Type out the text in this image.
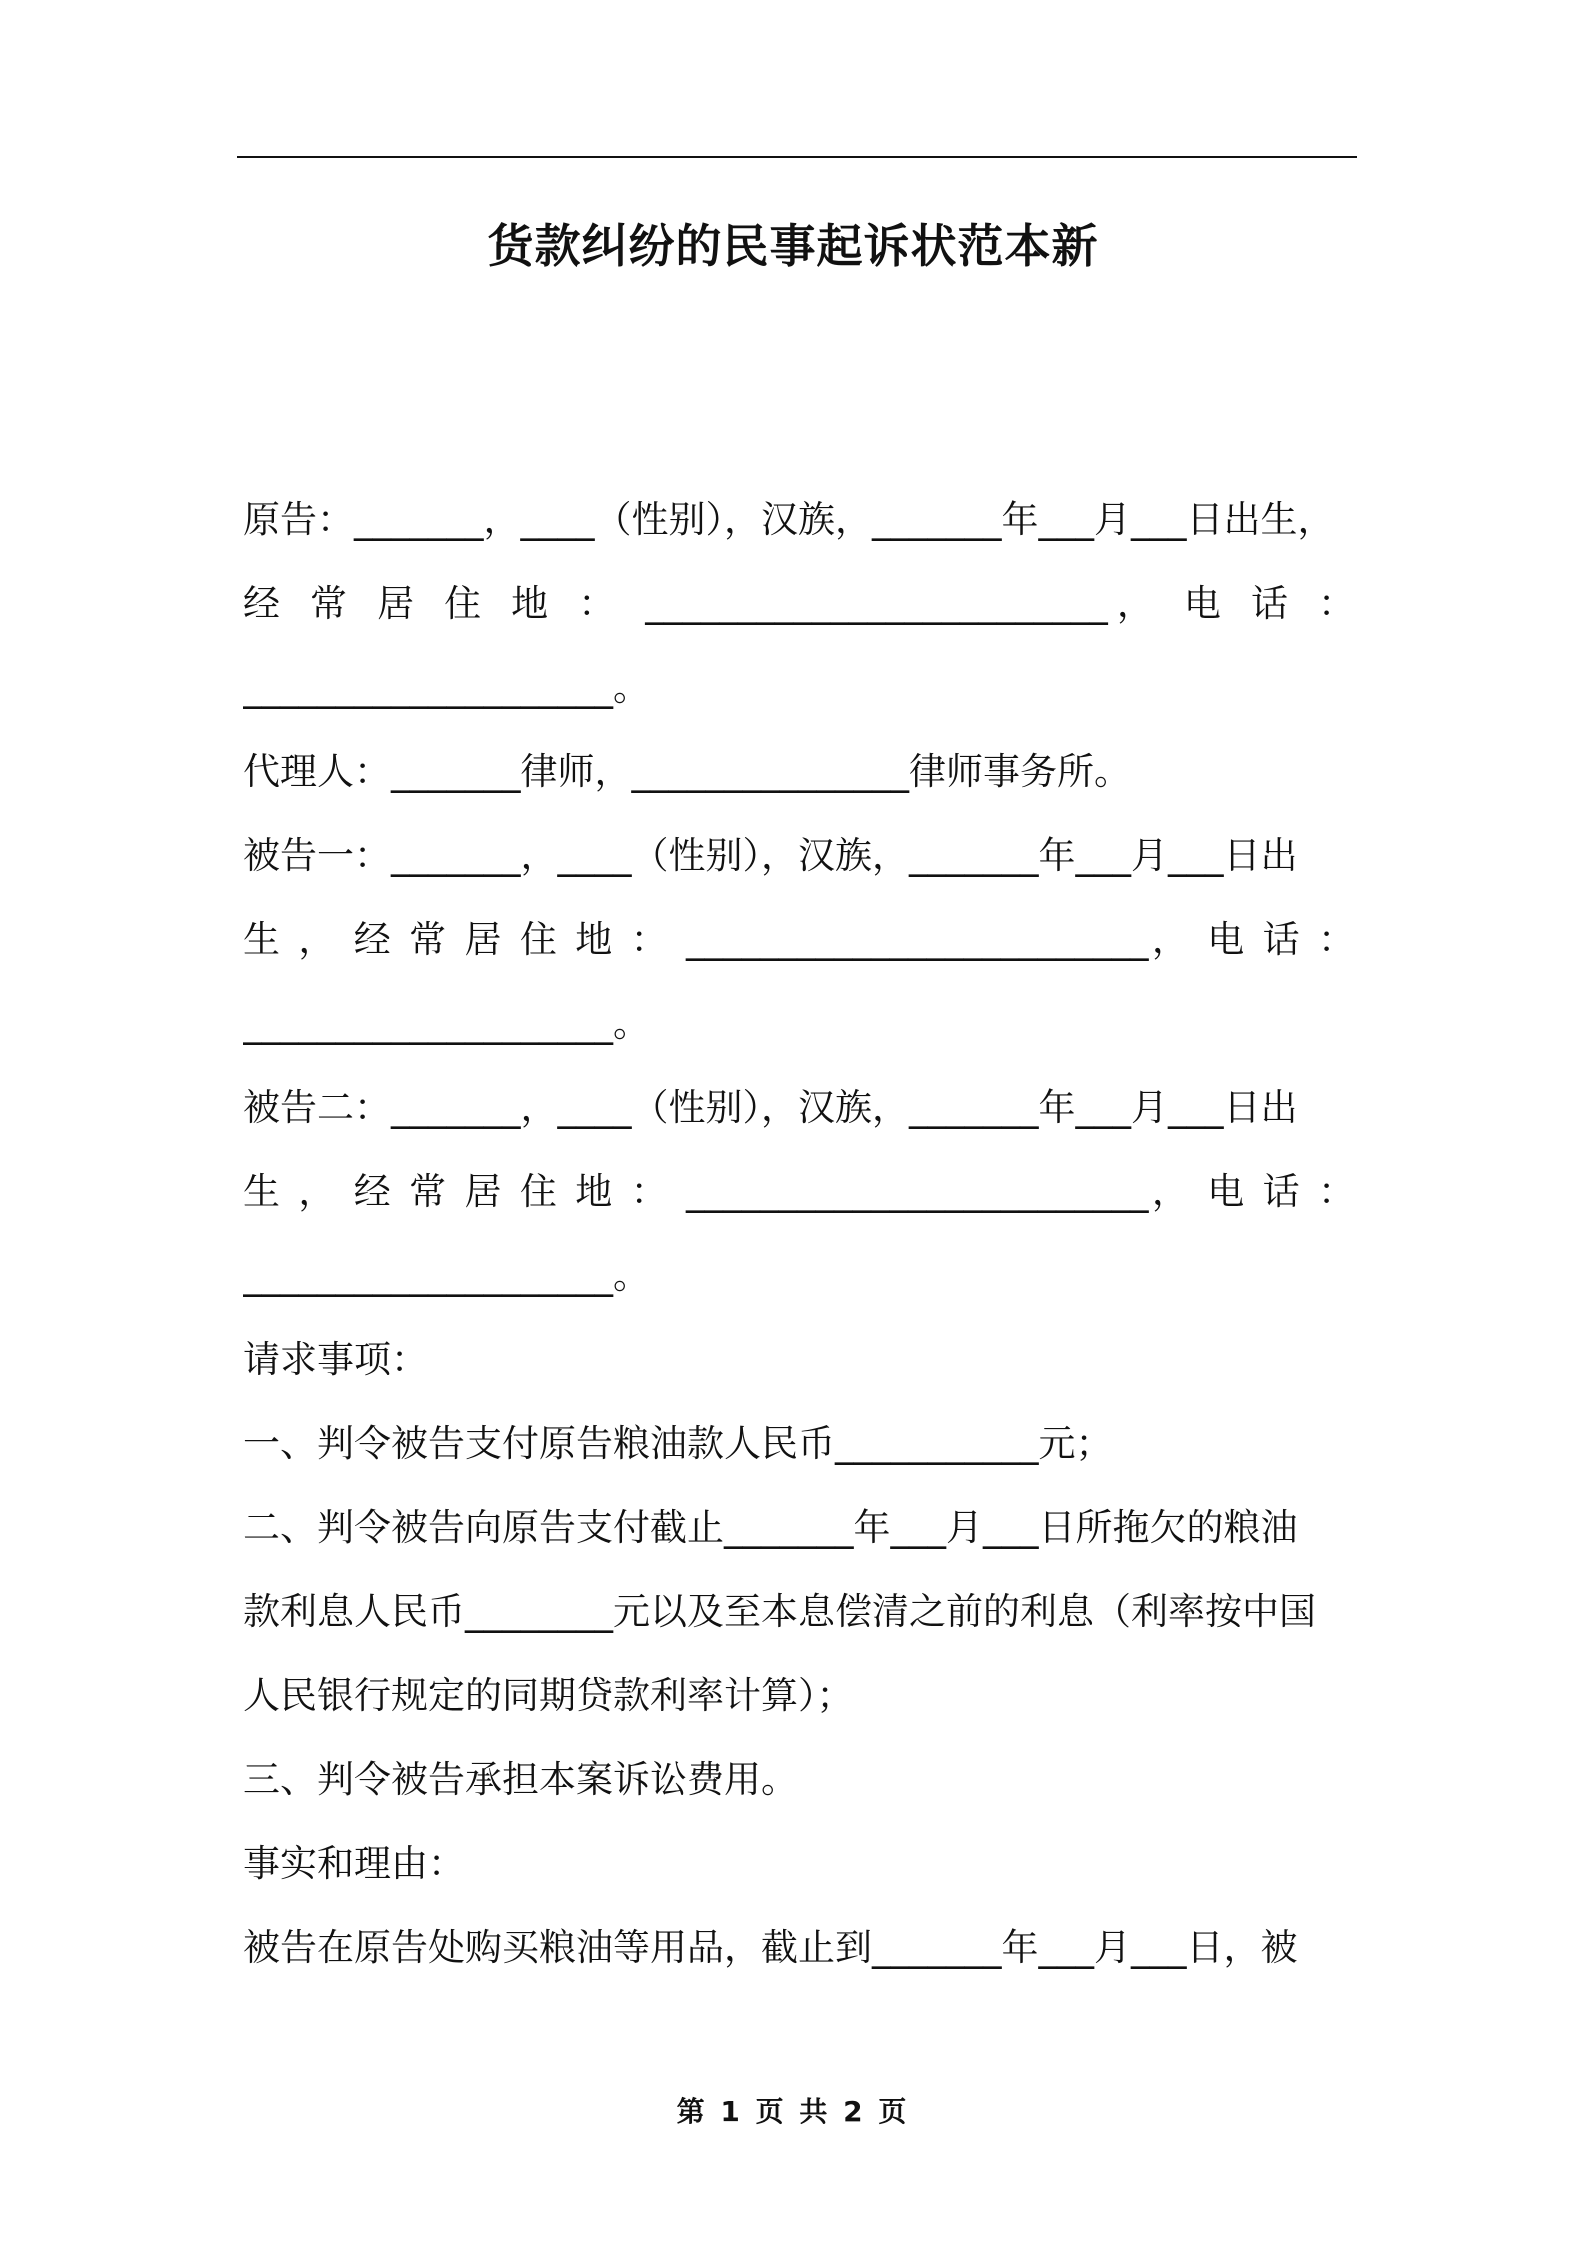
货款纠纷的民事起诉状范本新
原告：_______，____（性别），汉族，_______年___月___日出生，
经 常 居 住 地 ： _________________________， 电 话 ：
____________________。
代理人：_______律师，_______________律师事务所。
被告一：_______，____（性别），汉族，_______年___月___日出
生 ， 经 常 居 住 地 ： _________________________， 电 话 ：
____________________。
被告二：_______，____（性别），汉族，_______年___月___日出
生 ， 经 常 居 住 地 ： _________________________， 电 话 ：
____________________。
请求事项：
一、判令被告支付原告粮油款人民币___________元；
二、判令被告向原告支付截止_______年___月___日所拖欠的粮油
款利息人民币________元以及至本息偿清之前的利息（利率按中国
人民银行规定的同期贷款利率计算）；
三、判令被告承担本案诉讼费用。
事实和理由：
被告在原告处购买粮油等用品，截止到_______年___月___日，被
第 1 页 共 2 页
